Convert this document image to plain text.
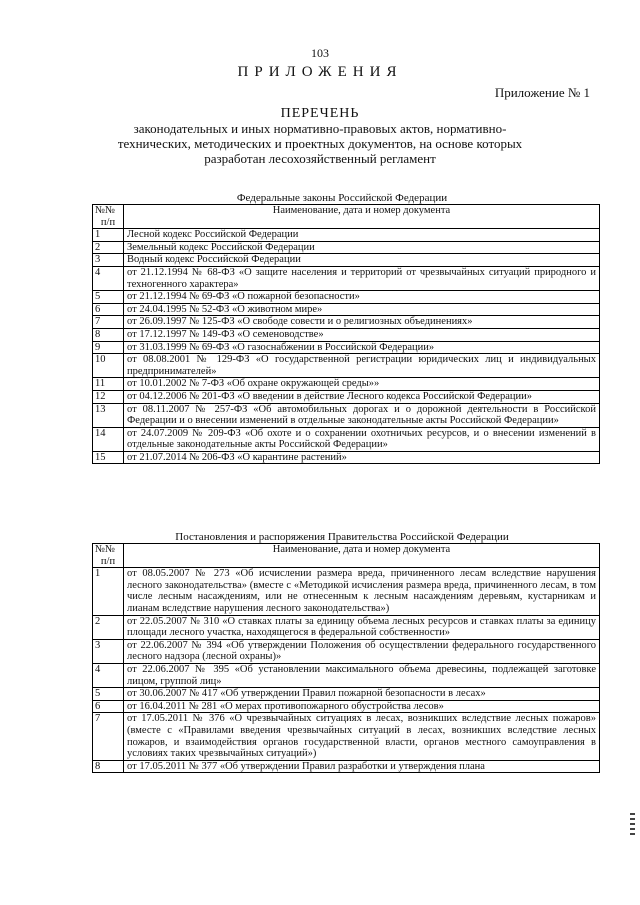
103
ПРИЛОЖЕНИЯ
Приложение № 1
ПЕРЕЧЕНЬ
законодательных и иных нормативно-правовых актов, нормативно-
технических, методических и проектных документов, на основе которых
разработан лесохозяйственный регламент
Федеральные законы Российской Федерации
№№
п/п	Наименование, дата и номер документа
1	Лесной кодекс Российской Федерации
2	Земельный кодекс Российской Федерации
3	Водный кодекс Российской Федерации
4	от 21.12.1994 № 68-ФЗ «О защите населения и территорий от чрезвычайных ситуаций природного и техногенного характера»
5	от 21.12.1994 № 69-ФЗ «О пожарной безопасности»
6	от 24.04.1995 № 52-ФЗ «О животном мире»
7	от 26.09.1997 № 125-ФЗ «О свободе совести и о религиозных объединениях»
8	от 17.12.1997 № 149-ФЗ «О семеноводстве»
9	от 31.03.1999 № 69-ФЗ «О газоснабжении в Российской Федерации»
10	от 08.08.2001 № 129-ФЗ «О государственной регистрации юридических лиц и индивидуальных предпринимателей»
11	от 10.01.2002 № 7-ФЗ «Об охране окружающей среды»»
12	от 04.12.2006 № 201-ФЗ «О введении в действие Лесного кодекса Российской Федерации»
13	от 08.11.2007 № 257-ФЗ «Об автомобильных дорогах и о дорожной деятельности в Российской Федерации и о внесении изменений в отдельные законодательные акты Российской Федерации»
14	от 24.07.2009 № 209-ФЗ «Об охоте и о сохранении охотничьих ресурсов, и о внесении изменений в отдельные законодательные акты Российской Федерации»
15	от 21.07.2014 № 206-ФЗ «О карантине растений»
Постановления и распоряжения Правительства Российской Федерации
№№
п/п	Наименование, дата и номер документа
1	от 08.05.2007 № 273 «Об исчислении размера вреда, причиненного лесам вследствие нарушения лесного законодательства» (вместе с «Методикой исчисления размера вреда, причиненного лесам, в том числе лесным насаждениям, или не отнесенным к лесным насаждениям деревьям, кустарникам и лианам вследствие нарушения лесного законодательства»)
2	от 22.05.2007 № 310 «О ставках платы за единицу объема лесных ресурсов и ставках платы за единицу площади лесного участка, находящегося в федеральной собственности»
3	от 22.06.2007 № 394 «Об утверждении Положения об осуществлении федерального государственного лесного надзора (лесной охраны)»
4	от 22.06.2007 № 395 «Об установлении максимального объема древесины, подлежащей заготовке лицом, группой лиц»
5	от 30.06.2007 № 417 «Об утверждении Правил пожарной безопасности в лесах»
6	от 16.04.2011 № 281 «О мерах противопожарного обустройства лесов»
7	от 17.05.2011 № 376 «О чрезвычайных ситуациях в лесах, возникших вследствие лесных пожаров» (вместе с «Правилами введения чрезвычайных ситуаций в лесах, возникших вследствие лесных пожаров, и взаимодействия органов государственной власти, органов местного самоуправления в условиях таких чрезвычайных ситуаций»)
8	от 17.05.2011 № 377 «Об утверждении Правил разработки и утверждения плана
